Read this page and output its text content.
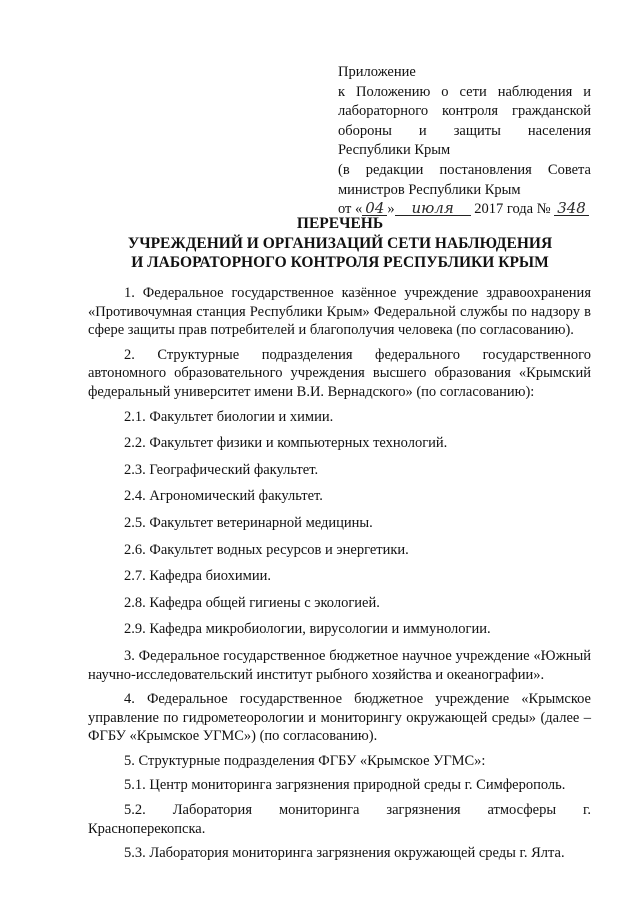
Приложение
к Положению о сети наблюдения и
лабораторного контроля гражданской
обороны и защиты населения
Республики Крым
(в редакции постановления Совета
министров Республики Крым
от « 04 » июля 2017 года № 348
ПЕРЕЧЕНЬ
УЧРЕЖДЕНИЙ И ОРГАНИЗАЦИЙ СЕТИ НАБЛЮДЕНИЯ
И ЛАБОРАТОРНОГО КОНТРОЛЯ РЕСПУБЛИКИ КРЫМ
1. Федеральное государственное казённое учреждение здравоохранения «Противочумная станция Республики Крым» Федеральной службы по надзору в сфере защиты прав потребителей и благополучия человека (по согласованию).
2. Структурные подразделения федерального государственного автономного образовательного учреждения высшего образования «Крымский федеральный университет имени В.И. Вернадского» (по согласованию):
2.1. Факультет биологии и химии.
2.2. Факультет физики и компьютерных технологий.
2.3. Географический факультет.
2.4. Агрономический факультет.
2.5. Факультет ветеринарной медицины.
2.6. Факультет водных ресурсов и энергетики.
2.7. Кафедра биохимии.
2.8. Кафедра общей гигиены с экологией.
2.9. Кафедра микробиологии, вирусологии и иммунологии.
3. Федеральное государственное бюджетное научное учреждение «Южный научно-исследовательский институт рыбного хозяйства и океанографии».
4. Федеральное государственное бюджетное учреждение «Крымское управление по гидрометеорологии и мониторингу окружающей среды» (далее – ФГБУ «Крымское УГМС») (по согласованию).
5. Структурные подразделения ФГБУ «Крымское УГМС»:
5.1. Центр мониторинга загрязнения природной среды г. Симферополь.
5.2. Лаборатория мониторинга загрязнения атмосферы г. Красноперекопска.
5.3. Лаборатория мониторинга загрязнения окружающей среды г. Ялта.
